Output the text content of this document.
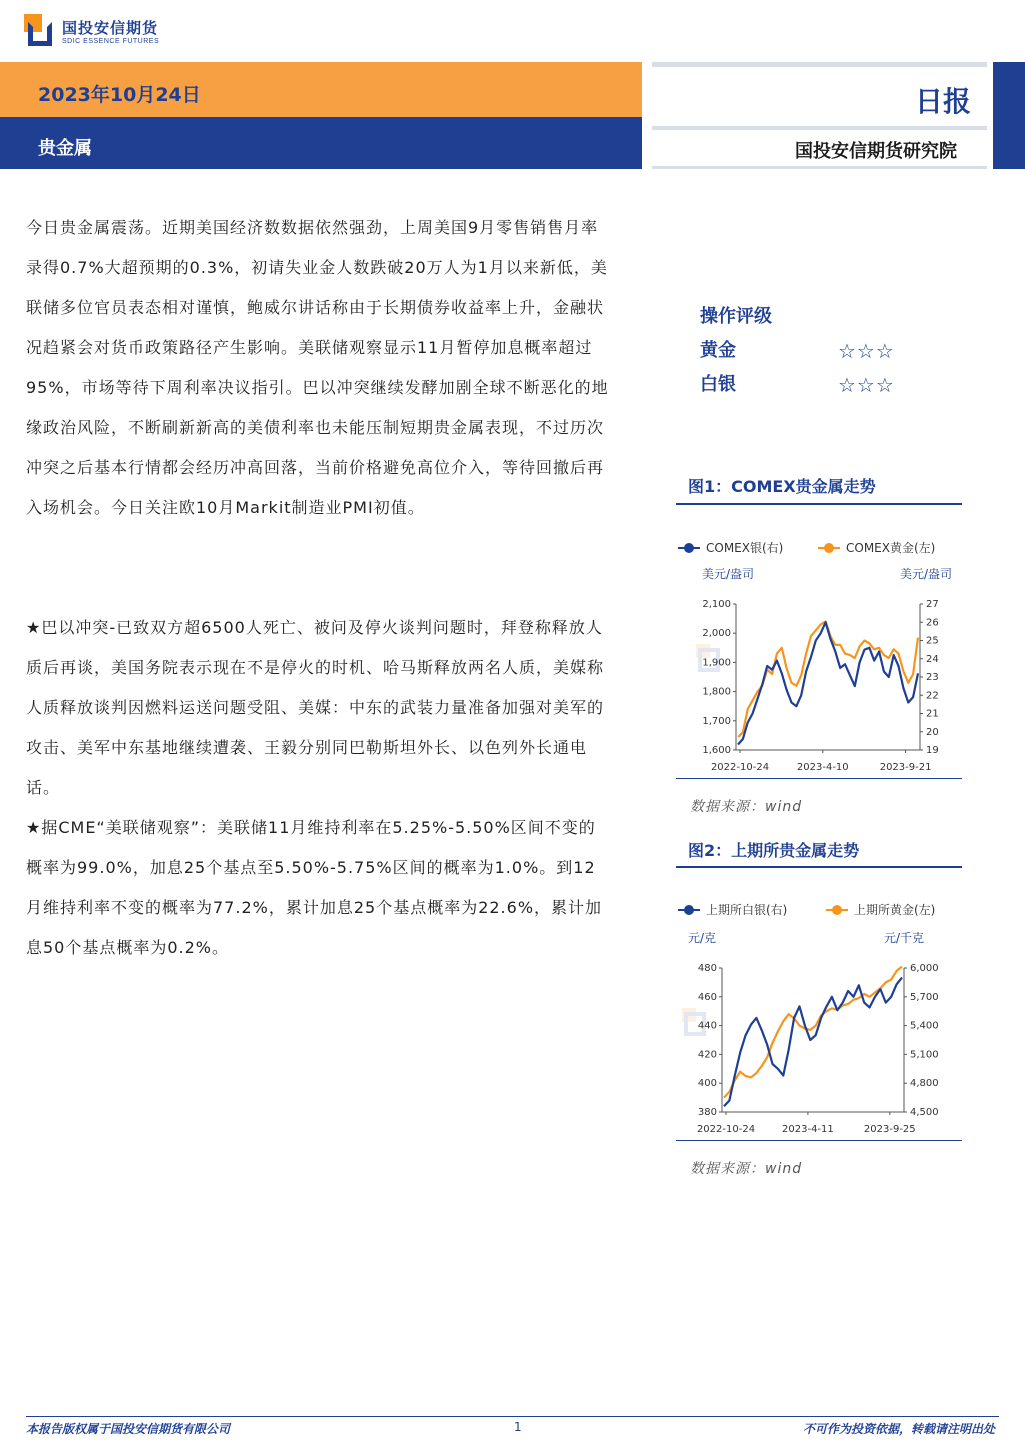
国投安信期货
SDIC ESSENCE FUTURES
2023年10月24日
贵金属
日报
国投安信期货研究院
今日贵金属震荡。近期美国经济数数据依然强劲，上周美国9月零售销售月率录得0.7%大超预期的0.3%，初请失业金人数跌破20万人为1月以来新低，美联储多位官员表态相对谨慎，鲍威尔讲话称由于长期债券收益率上升，金融状况趋紧会对货币政策路径产生影响。美联储观察显示11月暂停加息概率超过95%，市场等待下周利率决议指引。巴以冲突继续发酵加剧全球不断恶化的地缘政治风险，不断刷新新高的美债利率也未能压制短期贵金属表现，不过历次冲突之后基本行情都会经历冲高回落，当前价格避免高位介入，等待回撤后再入场机会。今日关注欧10月Markit制造业PMI初值。
★巴以冲突-已致双方超6500人死亡、被问及停火谈判问题时，拜登称释放人质后再谈，美国务院表示现在不是停火的时机、哈马斯释放两名人质，美媒称人质释放谈判因燃料运送问题受阻、美媒：中东的武装力量准备加强对美军的攻击、美军中东基地继续遭袭、王毅分别同巴勒斯坦外长、以色列外长通电话。
★据CME“美联储观察”：美联储11月维持利率在5.25%-5.50%区间不变的概率为99.0%，加息25个基点至5.50%-5.75%区间的概率为1.0%。到12月维持利率不变的概率为77.2%，累计加息25个基点概率为22.6%，累计加息50个基点概率为0.2%。
操作评级
黄金	☆☆☆
白银	☆☆☆
图1：COMEX贵金属走势
COMEX银(右)	COMEX黄金(左)
美元/盎司	美元/盎司
2,100
2,000
1,900
1,800
1,700
1,600
27
26
25
24
23
22
21
20
19
2022-10-24	2023-4-10	2023-9-21
数据来源：wind
图2：上期所贵金属走势
上期所白银(右)	上期所黄金(左)
元/克	元/千克
480
460
440
420
400
380
6,000
5,700
5,400
5,100
4,800
4,500
2022-10-24	2023-4-11	2023-9-25
数据来源：wind
本报告版权属于国投安信期货有限公司	1	不可作为投资依据，转载请注明出处
